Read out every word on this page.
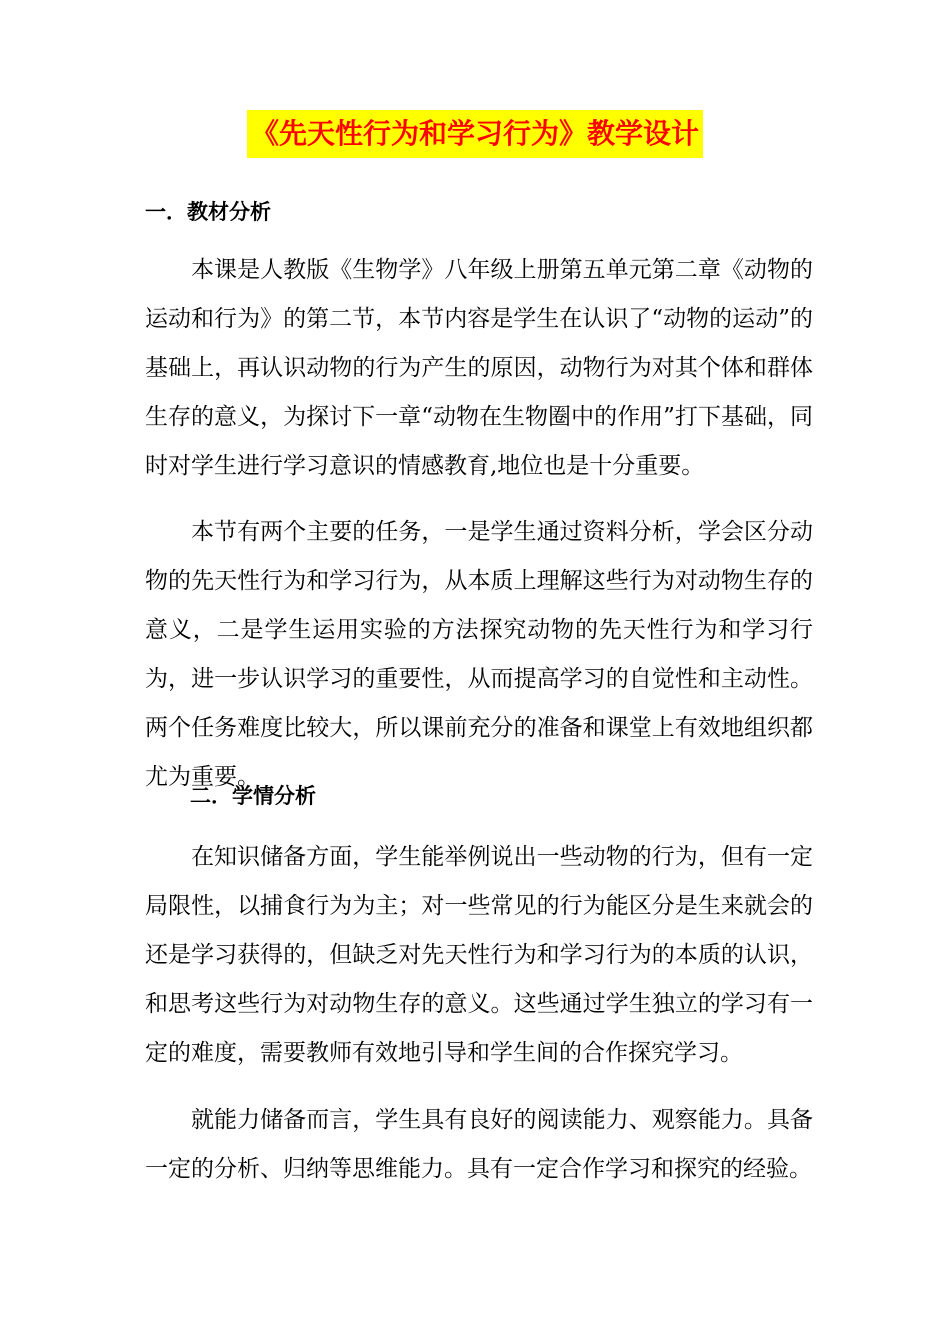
《先天性行为和学习行为》教学设计
一．教材分析

本课是人教版《生物学》八年级上册第五单元第二章《动物的运动和行为》的第二节，本节内容是学生在认识了“动物的运动”的基础上，再认识动物的行为产生的原因，动物行为对其个体和群体生存的意义，为探讨下一章“动物在生物圈中的作用”打下基础，同时对学生进行学习意识的情感教育,地位也是十分重要。

本节有两个主要的任务，一是学生通过资料分析，学会区分动物的先天性行为和学习行为，从本质上理解这些行为对动物生存的意义，二是学生运用实验的方法探究动物的先天性行为和学习行为，进一步认识学习的重要性，从而提高学习的自觉性和主动性。两个任务难度比较大，所以课前充分的准备和课堂上有效地组织都尤为重要。

二．学情分析

在知识储备方面，学生能举例说出一些动物的行为，但有一定局限性，以捕食行为为主；对一些常见的行为能区分是生来就会的还是学习获得的，但缺乏对先天性行为和学习行为的本质的认识，和思考这些行为对动物生存的意义。这些通过学生独立的学习有一定的难度，需要教师有效地引导和学生间的合作探究学习。

就能力储备而言，学生具有良好的阅读能力、观察能力。具备一定的分析、归纳等思维能力。具有一定合作学习和探究的经验。
